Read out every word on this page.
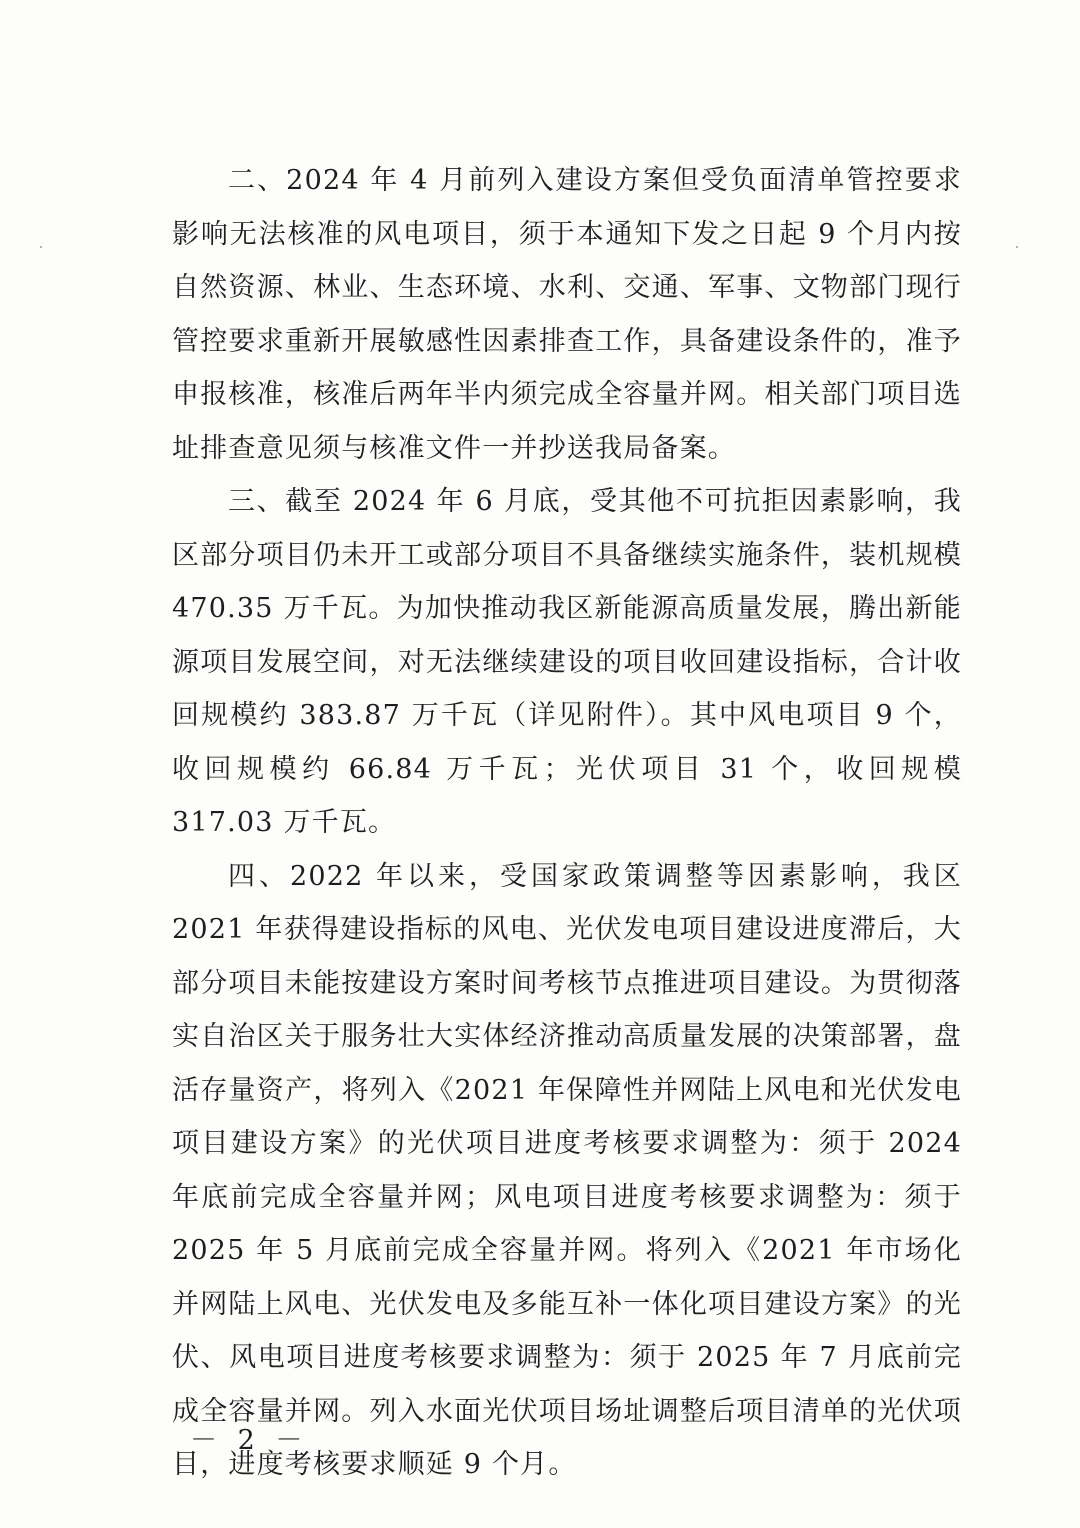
二、2024 年 4 月前列入建设方案但受负面清单管控要求影响无法核准的风电项目，须于本通知下发之日起 9 个月内按自然资源、林业、生态环境、水利、交通、军事、文物部门现行管控要求重新开展敏感性因素排查工作，具备建设条件的，准予申报核准，核准后两年半内须完成全容量并网。相关部门项目选址排查意见须与核准文件一并抄送我局备案。

三、截至 2024 年 6 月底，受其他不可抗拒因素影响，我区部分项目仍未开工或部分项目不具备继续实施条件，装机规模 470.35 万千瓦。为加快推动我区新能源高质量发展，腾出新能源项目发展空间，对无法继续建设的项目收回建设指标，合计收回规模约 383.87 万千瓦（详见附件）。其中风电项目 9 个，收回规模约 66.84 万千瓦；光伏项目 31 个，收回规模 317.03 万千瓦。

四、2022 年以来，受国家政策调整等因素影响，我区 2021 年获得建设指标的风电、光伏发电项目建设进度滞后，大部分项目未能按建设方案时间考核节点推进项目建设。为贯彻落实自治区关于服务壮大实体经济推动高质量发展的决策部署，盘活存量资产，将列入《2021 年保障性并网陆上风电和光伏发电项目建设方案》的光伏项目进度考核要求调整为：须于 2024 年底前完成全容量并网；风电项目进度考核要求调整为：须于 2025 年 5 月底前完成全容量并网。将列入《2021 年市场化并网陆上风电、光伏发电及多能互补一体化项目建设方案》的光伏、风电项目进度考核要求调整为：须于 2025 年 7 月底前完成全容量并网。列入水面光伏项目场址调整后项目清单的光伏项目，进度考核要求顺延 9 个月。

－ 2 －
